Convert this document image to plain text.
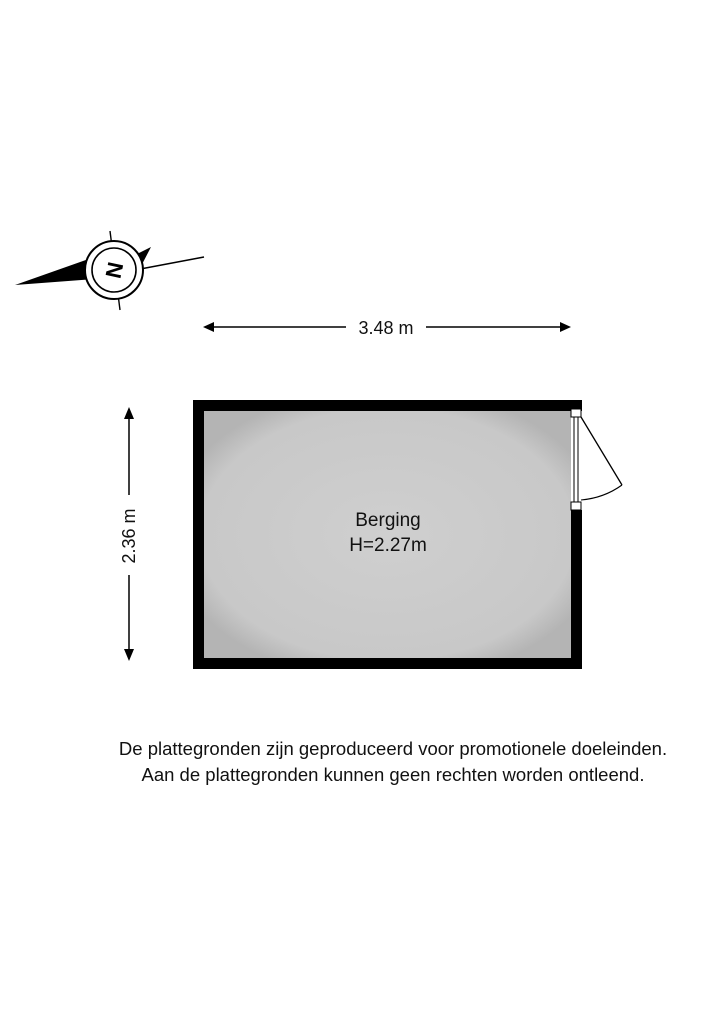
N
3.48 m
2.36 m	Berging
H=2.27m
De plattegronden zijn geproduceerd voor promotionele doeleinden.
Aan de plattegronden kunnen geen rechten worden ontleend.
